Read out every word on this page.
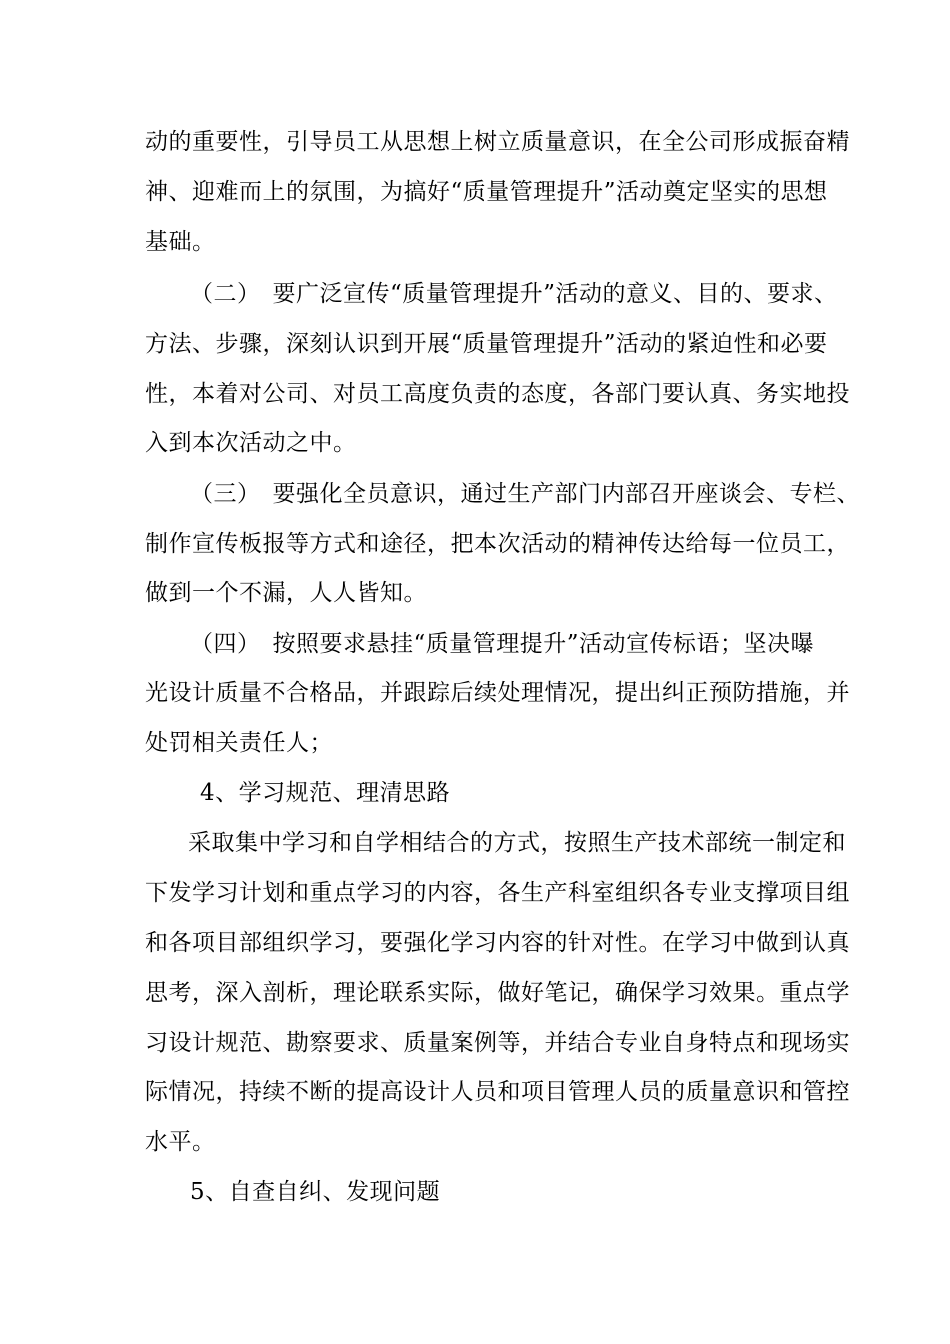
动的重要性，引导员工从思想上树立质量意识，在全公司形成振奋精
神、迎难而上的氛围，为搞好“质量管理提升”活动奠定坚实的思想
基础。
（二）　要广泛宣传“质量管理提升”活动的意义、目的、要求、
方法、步骤，深刻认识到开展“质量管理提升”活动的紧迫性和必要
性，本着对公司、对员工高度负责的态度，各部门要认真、务实地投
入到本次活动之中。
（三）　要强化全员意识，通过生产部门内部召开座谈会、专栏、
制作宣传板报等方式和途径，把本次活动的精神传达给每一位员工，
做到一个不漏，人人皆知。
（四）　按照要求悬挂“质量管理提升”活动宣传标语；坚决曝
光设计质量不合格品，并跟踪后续处理情况，提出纠正预防措施，并
处罚相关责任人；
4、学习规范、理清思路
采取集中学习和自学相结合的方式，按照生产技术部统一制定和
下发学习计划和重点学习的内容，各生产科室组织各专业支撑项目组
和各项目部组织学习，要强化学习内容的针对性。在学习中做到认真
思考，深入剖析，理论联系实际，做好笔记，确保学习效果。重点学
习设计规范、勘察要求、质量案例等，并结合专业自身特点和现场实
际情况，持续不断的提高设计人员和项目管理人员的质量意识和管控
水平。
5、自查自纠、发现问题
